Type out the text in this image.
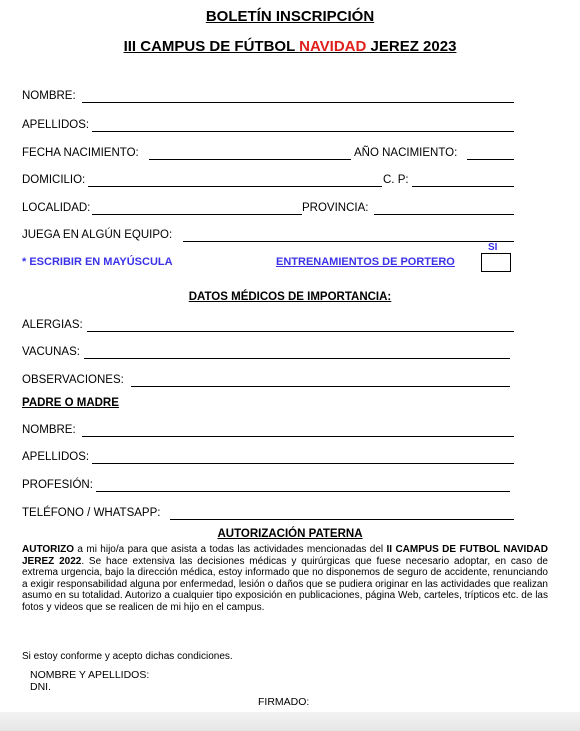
BOLETÍN INSCRIPCIÓN
III CAMPUS DE FÚTBOL NAVIDAD JEREZ 2023
NOMBRE:
APELLIDOS:
FECHA NACIMIENTO:	AÑO NACIMIENTO:
DOMICILIO:	C. P:
LOCALIDAD:	PROVINCIA:
JUEGA EN ALGÚN EQUIPO:
* ESCRIBIR EN MAYÚSCULA	ENTRENAMIENTOS DE PORTERO
SI
DATOS MÉDICOS DE IMPORTANCIA:
ALERGIAS:
VACUNAS:
OBSERVACIONES:
PADRE O MADRE
NOMBRE:
APELLIDOS:
PROFESIÓN:
TELÉFONO / WHATSAPP:
AUTORIZACIÓN PATERNA
AUTORIZO a mi hijo/a para que asista a todas las actividades mencionadas del II CAMPUS DE FUTBOL NAVIDAD JEREZ 2022. Se hace extensiva las decisiones médicas y quirúrgicas que fuese necesario adoptar, en caso de extrema urgencia, bajo la dirección médica, estoy informado que no disponemos de seguro de accidente, renunciando a exigir responsabilidad alguna por enfermedad, lesión o daños que se pudiera originar en las actividades que realizan asumo en su totalidad. Autorizo a cualquier tipo exposición en publicaciones, página Web, carteles, trípticos etc. de las fotos y videos que se realicen de mi hijo en el campus.
Si estoy conforme y acepto dichas condiciones.
NOMBRE Y APELLIDOS:
DNI.
FIRMADO:
